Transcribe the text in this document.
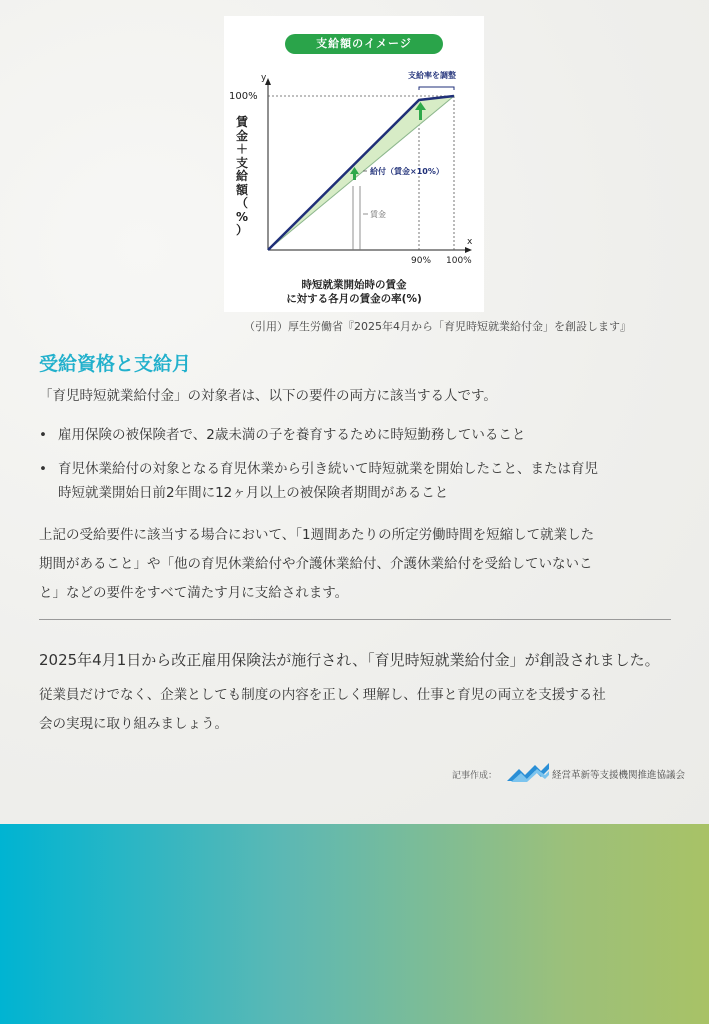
支給額のイメージ
y
x
100%
90% 100%
賃
金
＋
支
給
額
（
%
）
支給率を調整
給付（賃金×10%）
賃金
時短就業開始時の賃金
に対する各月の賃金の率(%)
（引用）厚生労働省『2025年4月から「育児時短就業給付金」を創設します』
受給資格と支給月
「育児時短就業給付金」の対象者は、以下の要件の両方に該当する人です。
• 雇用保険の被保険者で、2歳未満の子を養育するために時短勤務していること
• 育児休業給付の対象となる育児休業から引き続いて時短就業を開始したこと、または育児
時短就業開始日前2年間に12ヶ月以上の被保険者期間があること
上記の受給要件に該当する場合において、「1週間あたりの所定労働時間を短縮して就業した
期間があること」や「他の育児休業給付や介護休業給付、介護休業給付を受給していないこ
と」などの要件をすべて満たす月に支給されます。
2025年4月1日から改正雇用保険法が施行され、「育児時短就業給付金」が創設されました。
従業員だけでなく、企業としても制度の内容を正しく理解し、仕事と育児の両立を支援する社
会の実現に取り組みましょう。
記事作成：	経営革新等支援機関推進協議会
